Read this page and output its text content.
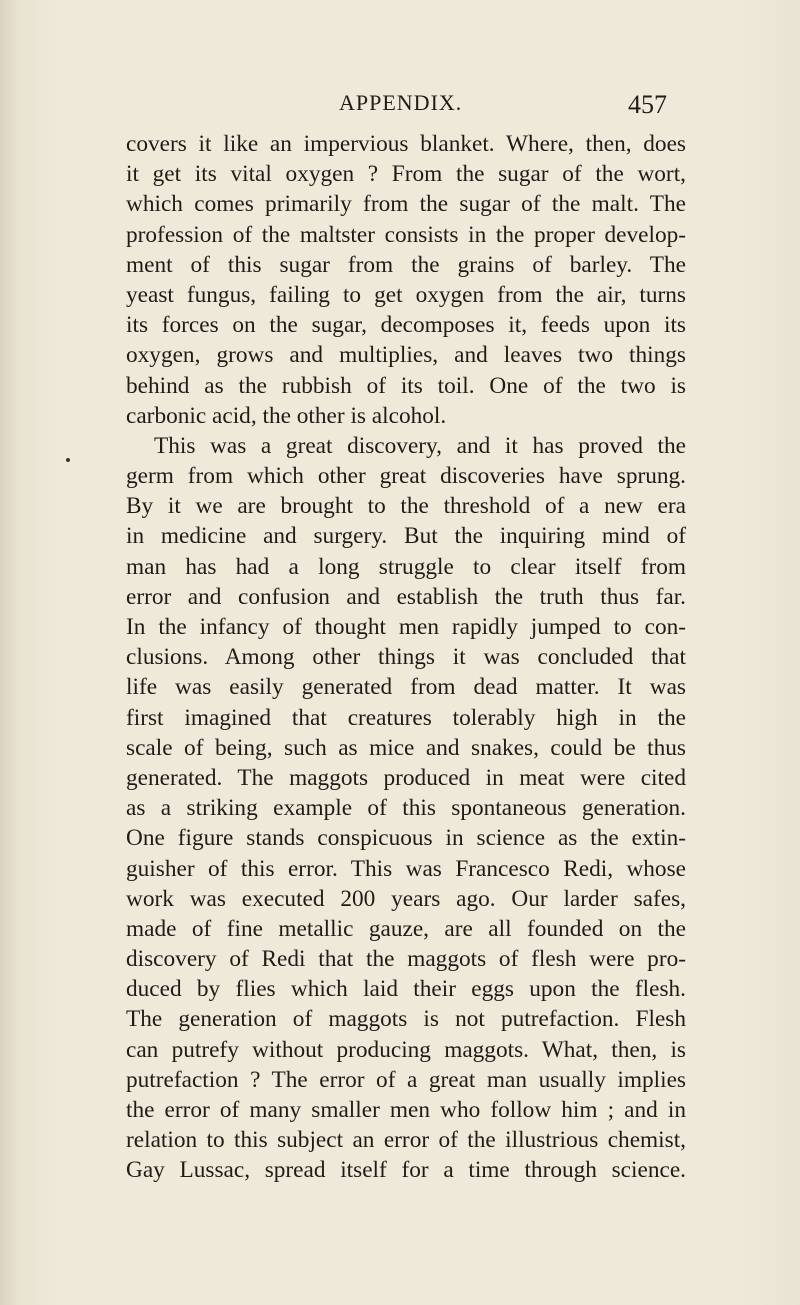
APPENDIX.	457
covers it like an impervious blanket. Where, then, does
it get its vital oxygen ? From the sugar of the wort,
which comes primarily from the sugar of the malt. The
profession of the maltster consists in the proper develop-
ment of this sugar from the grains of barley. The
yeast fungus, failing to get oxygen from the air, turns
its forces on the sugar, decomposes it, feeds upon its
oxygen, grows and multiplies, and leaves two things
behind as the rubbish of its toil. One of the two is
carbonic acid, the other is alcohol.
This was a great discovery, and it has proved the
germ from which other great discoveries have sprung.
By it we are brought to the threshold of a new era
in medicine and surgery. But the inquiring mind of
man has had a long struggle to clear itself from
error and confusion and establish the truth thus far.
In the infancy of thought men rapidly jumped to con-
clusions. Among other things it was concluded that
life was easily generated from dead matter. It was
first imagined that creatures tolerably high in the
scale of being, such as mice and snakes, could be thus
generated. The maggots produced in meat were cited
as a striking example of this spontaneous generation.
One figure stands conspicuous in science as the extin-
guisher of this error. This was Francesco Redi, whose
work was executed 200 years ago. Our larder safes,
made of fine metallic gauze, are all founded on the
discovery of Redi that the maggots of flesh were pro-
duced by flies which laid their eggs upon the flesh.
The generation of maggots is not putrefaction. Flesh
can putrefy without producing maggots. What, then, is
putrefaction ? The error of a great man usually implies
the error of many smaller men who follow him ; and in
relation to this subject an error of the illustrious chemist,
Gay Lussac, spread itself for a time through science.
